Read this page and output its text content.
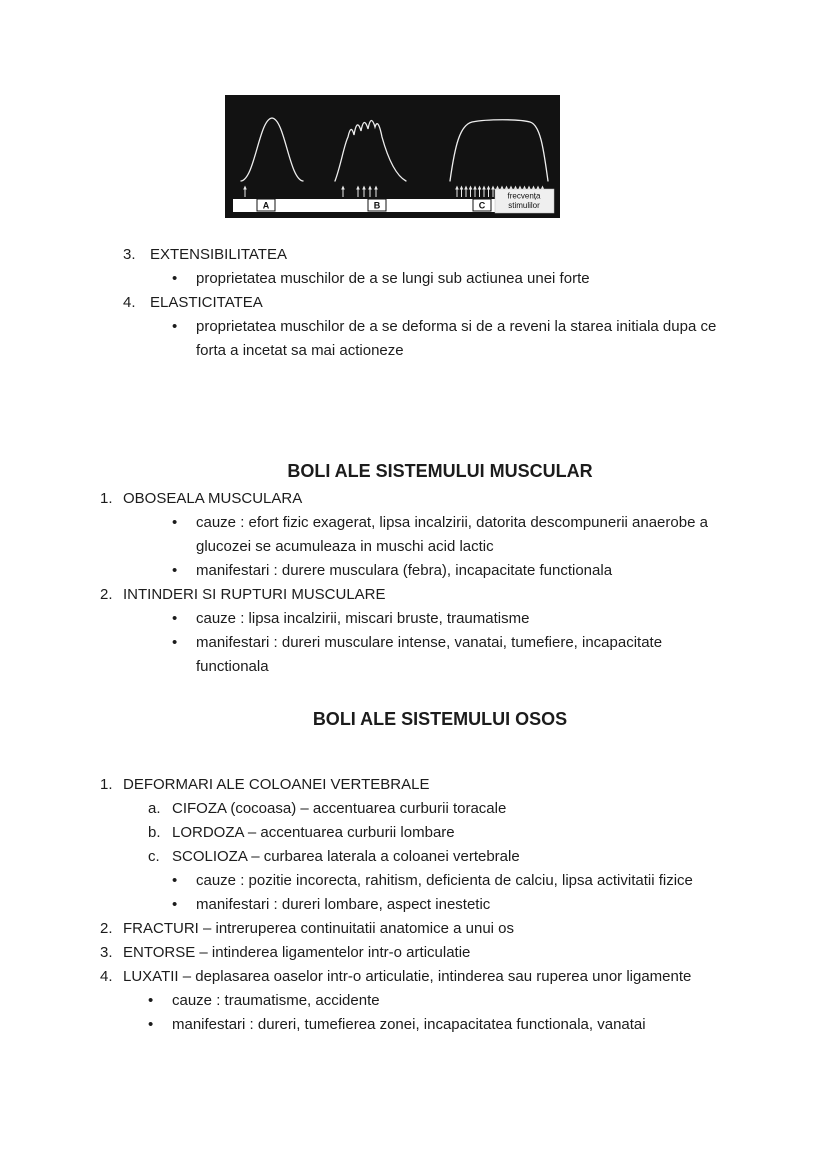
A	B	C
frecvența
stimulilor
3. EXTENSIBILITATEA
•
proprietatea muschilor de a se lungi sub actiunea unei forte
4. ELASTICITATEA
•
proprietatea muschilor de a se deforma si de a reveni la starea initiala dupa ce forta a incetat sa mai actioneze
BOLI ALE SISTEMULUI MUSCULAR
1. OBOSEALA MUSCULARA
•
cauze : efort fizic exagerat, lipsa incalzirii, datorita descompunerii anaerobe a glucozei se acumuleaza in muschi acid lactic
•
manifestari : durere musculara (febra), incapacitate functionala
2. INTINDERI SI RUPTURI MUSCULARE
•
cauze : lipsa incalzirii, miscari bruste, traumatisme
•
manifestari : dureri musculare intense, vanatai, tumefiere, incapacitate functionala
BOLI ALE SISTEMULUI OSOS
1. DEFORMARI ALE COLOANEI VERTEBRALE
a. CIFOZA (cocoasa) – accentuarea curburii toracale
b. LORDOZA – accentuarea curburii lombare
c. SCOLIOZA – curbarea laterala a coloanei vertebrale
•
cauze : pozitie incorecta, rahitism, deficienta de calciu, lipsa activitatii fizice
•
manifestari : dureri lombare, aspect inestetic
2. FRACTURI – intreruperea continuitatii anatomice a unui os
3. ENTORSE – intinderea ligamentelor intr-o articulatie
4. LUXATII – deplasarea oaselor intr-o articulatie, intinderea sau ruperea unor ligamente
•
cauze : traumatisme, accidente
•
manifestari : dureri, tumefierea zonei, incapacitatea functionala, vanatai
